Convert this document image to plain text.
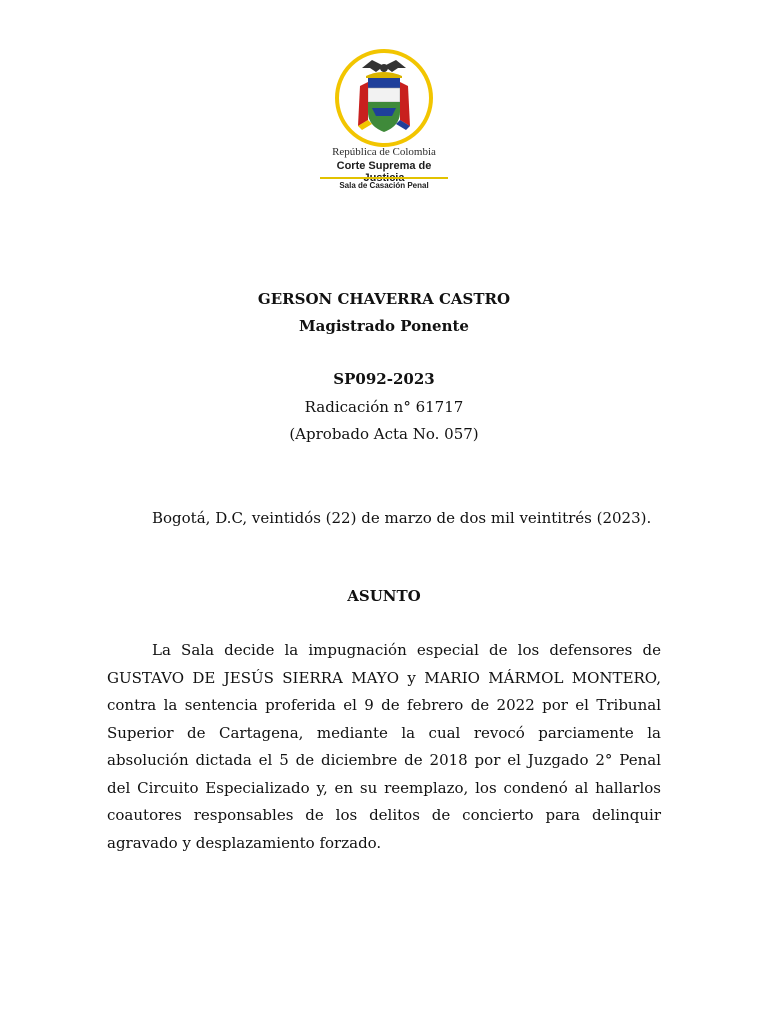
República de Colombia
Corte Suprema de
Sala de Casación Penal
GERSON CHAVERRA CASTRO
Magistrado Ponente
SP092-2023
Radicación n° 61717
(Aprobado Acta No. 057)

Bogotá, D.C, veintidós (22) de marzo de dos mil veintitrés (2023).

ASUNTO

La Sala decide la impugnación especial de los defensores de GUSTAVO DE JESÚS SIERRA MAYO y MARIO MÁRMOL MONTERO, contra la sentencia proferida el 9 de febrero de 2022 por el Tribunal Superior de Cartagena, mediante la cual revocó parciamente la absolución dictada el 5 de diciembre de 2018 por el Juzgado 2° Penal del Circuito Especializado y, en su reemplazo, los condenó al hallarlos coautores responsables de los delitos de concierto para delinquir agravado y desplazamiento forzado.
